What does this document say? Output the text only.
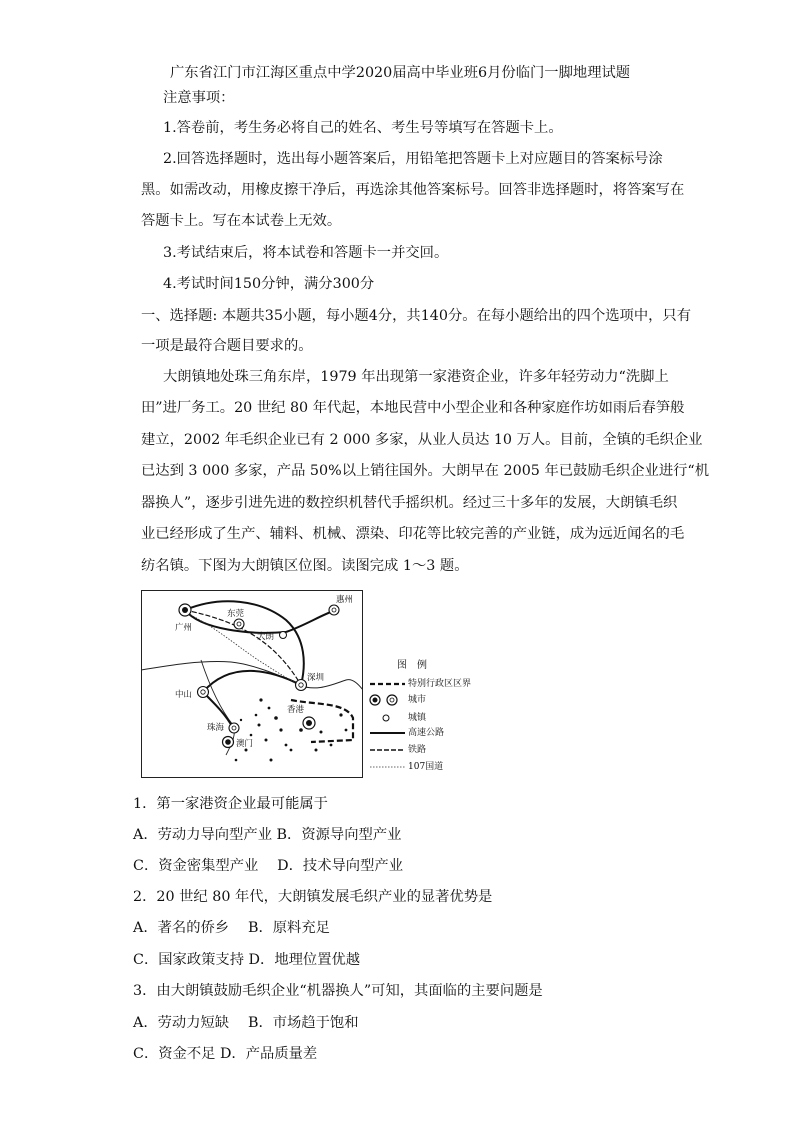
广东省江门市江海区重点中学2020届高中毕业班6月份临门一脚地理试题
注意事项：
1.答卷前，考生务必将自己的姓名、考生号等填写在答题卡上。
2.回答选择题时，选出每小题答案后，用铅笔把答题卡上对应题目的答案标号涂
黑。如需改动，用橡皮擦干净后，再选涂其他答案标号。回答非选择题时，将答案写在
答题卡上。写在本试卷上无效。
3.考试结束后，将本试卷和答题卡一并交回。
4.考试时间150分钟，满分300分
一、选择题: 本题共35小题，每小题4分，共140分。在每小题给出的四个选项中，只有
一项是最符合题目要求的。
大朗镇地处珠三角东岸，1979 年出现第一家港资企业，许多年轻劳动力“洗脚上
田”进厂务工。20 世纪 80 年代起，本地民营中小型企业和各种家庭作坊如雨后春笋般
建立，2002 年毛织企业已有 2 000 多家，从业人员达 10 万人。目前，全镇的毛织企业
已达到 3 000 多家，产品 50%以上销往国外。大朗早在 2005 年已鼓励毛织企业进行“机
器换人”，逐步引进先进的数控织机替代手摇织机。经过三十多年的发展，大朗镇毛织
业已经形成了生产、辅料、机械、漂染、印花等比较完善的产业链，成为远近闻名的毛
纺名镇。下图为大朗镇区位图。读图完成 1～3 题。
广州
东莞
惠州
大朗
深圳
中山
香港
珠海
澳门
图　例
特别行政区区界
城市
城镇
高速公路
铁路
107国道
1．第一家港资企业最可能属于
A．劳动力导向型产业 B．资源导向型产业
C．资金密集型产业　 D．技术导向型产业
2．20 世纪 80 年代，大朗镇发展毛织产业的显著优势是
A．著名的侨乡　 B．原料充足
C．国家政策支持 D．地理位置优越
3．由大朗镇鼓励毛织企业“机器换人”可知，其面临的主要问题是
A．劳动力短缺　 B．市场趋于饱和
C．资金不足 D．产品质量差
